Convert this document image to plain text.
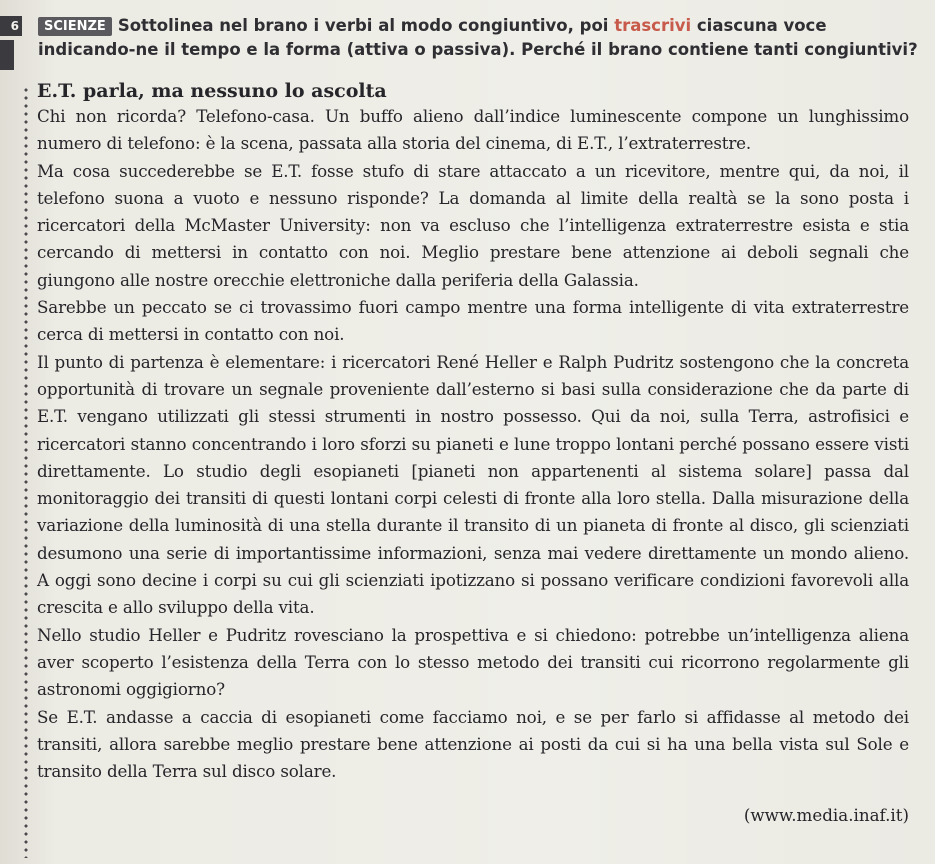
6	SCIENZE Sottolinea nel brano i verbi al modo congiuntivo, poi trascrivi ciascuna voce indicando-ne il tempo e la forma (attiva o passiva). Perché il brano contiene tanti congiuntivi?
E.T. parla, ma nessuno lo ascolta

Chi non ricorda? Telefono-casa. Un buffo alieno dall’indice luminescente compone un lunghissimo numero di telefono: è la scena, passata alla storia del cinema, di E.T., l’extraterrestre.

Ma cosa succederebbe se E.T. fosse stufo di stare attaccato a un ricevitore, mentre qui, da noi, il telefono suona a vuoto e nessuno risponde? La domanda al limite della realtà se la sono posta i ricercatori della McMaster University: non va escluso che l’intelligenza extraterrestre esista e stia cercando di mettersi in contatto con noi. Meglio prestare bene attenzione ai deboli segnali che giungono alle nostre orecchie elettroniche dalla periferia della Galassia.

Sarebbe un peccato se ci trovassimo fuori campo mentre una forma intelligente di vita extraterrestre cerca di mettersi in contatto con noi.

Il punto di partenza è elementare: i ricercatori René Heller e Ralph Pudritz sostengono che la concreta opportunità di trovare un segnale proveniente dall’esterno si basi sulla considerazione che da parte di E.T. vengano utilizzati gli stessi strumenti in nostro possesso. Qui da noi, sulla Terra, astrofisici e ricercatori stanno concentrando i loro sforzi su pianeti e lune troppo lontani perché possano essere visti direttamente. Lo studio degli esopianeti [pianeti non appartenenti al sistema solare] passa dal monitoraggio dei transiti di questi lontani corpi celesti di fronte alla loro stella. Dalla misurazione della variazione della luminosità di una stella durante il transito di un pianeta di fronte al disco, gli scienziati desumono una serie di importantissime informazioni, senza mai vedere direttamente un mondo alieno. A oggi sono decine i corpi su cui gli scienziati ipotizzano si possano verificare condizioni favorevoli alla crescita e allo sviluppo della vita.

Nello studio Heller e Pudritz rovesciano la prospettiva e si chiedono: potrebbe un’intelligenza aliena aver scoperto l’esistenza della Terra con lo stesso metodo dei transiti cui ricorrono regolarmente gli astronomi oggigiorno?

Se E.T. andasse a caccia di esopianeti come facciamo noi, e se per farlo si affidasse al metodo dei transiti, allora sarebbe meglio prestare bene attenzione ai posti da cui si ha una bella vista sul Sole e transito della Terra sul disco solare.

(www.media.inaf.it)
